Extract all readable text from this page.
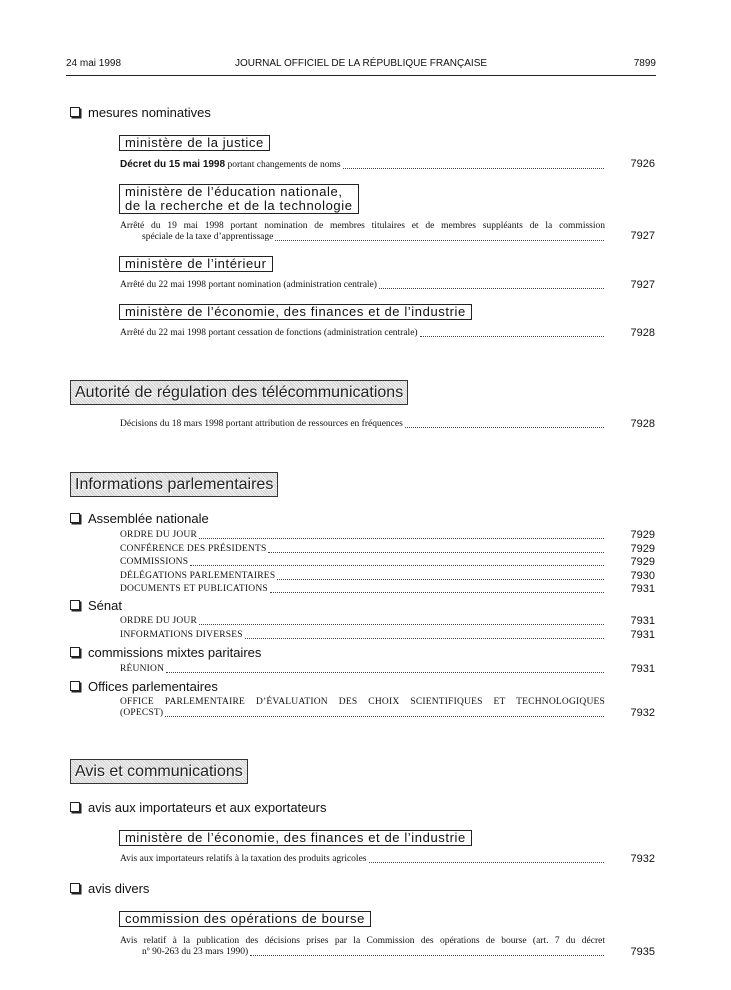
24 mai 1998	JOURNAL OFFICIEL DE LA RÉPUBLIQUE FRANÇAISE	7899
mesures nominatives
ministère de la justice
Décret du 15 mai 1998 portant changements de noms	7926
ministère de l’éducation nationale,
de la recherche et de la technologie
Arrêté du 19 mai 1998 portant nomination de membres titulaires et de membres suppléants de la commission
spéciale de la taxe d’apprentissage	7927
ministère de l’intérieur
Arrêté du 22 mai 1998 portant nomination (administration centrale)	7927
ministère de l’économie, des finances et de l’industrie
Arrêté du 22 mai 1998 portant cessation de fonctions (administration centrale)	7928
Autorité de régulation des télécommunications
Décisions du 18 mars 1998 portant attribution de ressources en fréquences	7928
Informations parlementaires
Assemblée nationale
ORDRE DU JOUR	7929
CONFÉRENCE DES PRÉSIDENTS	7929
COMMISSIONS	7929
DÉLÉGATIONS PARLEMENTAIRES	7930
DOCUMENTS ET PUBLICATIONS	7931
Sénat
ORDRE DU JOUR	7931
INFORMATIONS DIVERSES	7931
commissions mixtes paritaires
RÉUNION	7931
Offices parlementaires
OFFICE PARLEMENTAIRE D’ÉVALUATION DES CHOIX SCIENTIFIQUES ET TECHNOLOGIQUES
(OPECST)	7932
Avis et communications
avis aux importateurs et aux exportateurs
ministère de l’économie, des finances et de l’industrie
Avis aux importateurs relatifs à la taxation des produits agricoles	7932
avis divers
commission des opérations de bourse
Avis relatif à la publication des décisions prises par la Commission des opérations de bourse (art. 7 du décret
nº 90-263 du 23 mars 1990)	7935
